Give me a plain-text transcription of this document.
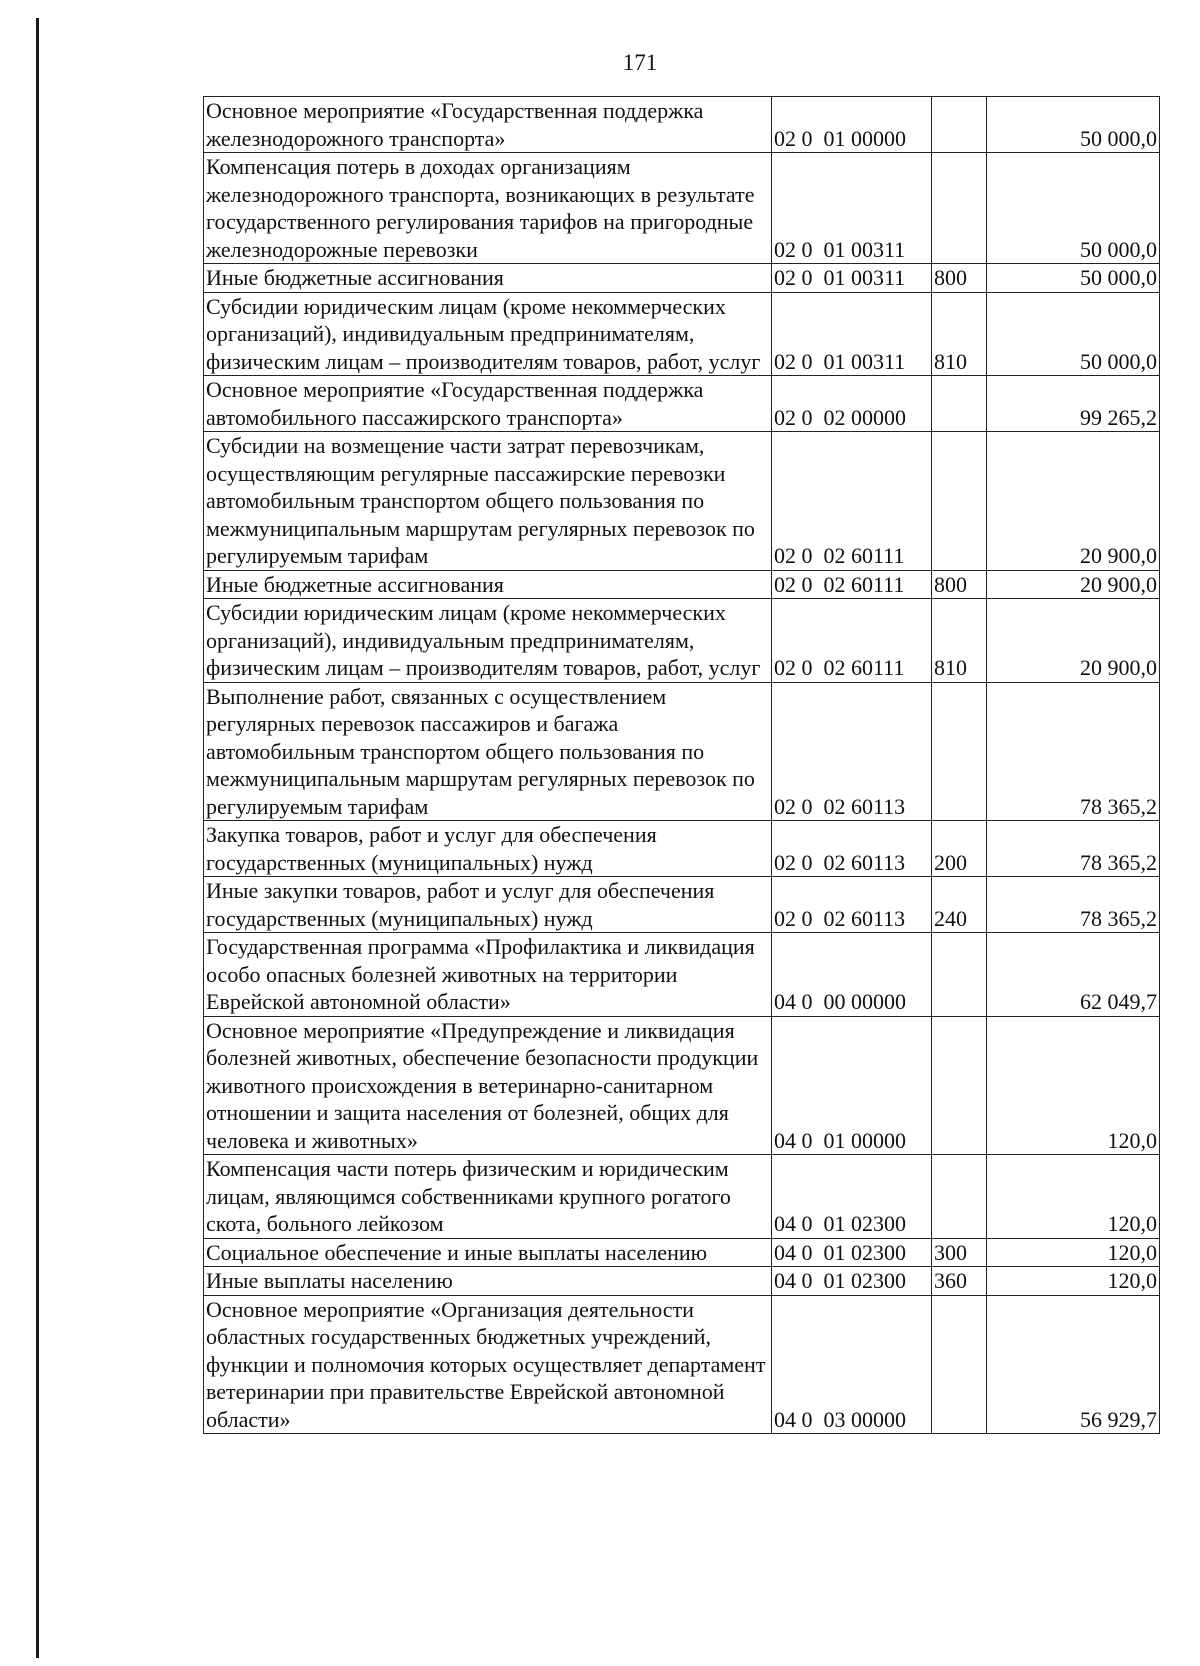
171
Основное мероприятие «Государственная поддержка железнодорожного транспорта»	02 0  01 00000		50 000,0
Компенсация потерь в доходах организациям железнодорожного транспорта, возникающих в результате государственного регулирования тарифов на пригородные железнодорожные перевозки	02 0  01 00311		50 000,0
Иные бюджетные ассигнования	02 0  01 00311	800	50 000,0
Субсидии юридическим лицам (кроме некоммерческих организаций), индивидуальным предпринимателям, физическим лицам – производителям товаров, работ, услуг	02 0  01 00311	810	50 000,0
Основное мероприятие «Государственная поддержка автомобильного пассажирского транспорта»	02 0  02 00000		99 265,2
Субсидии на возмещение части затрат перевозчикам, осуществляющим регулярные пассажирские перевозки автомобильным транспортом общего пользования по межмуниципальным маршрутам регулярных перевозок по регулируемым тарифам	02 0  02 60111		20 900,0
Иные бюджетные ассигнования	02 0  02 60111	800	20 900,0
Субсидии юридическим лицам (кроме некоммерческих организаций), индивидуальным предпринимателям, физическим лицам – производителям товаров, работ, услуг	02 0  02 60111	810	20 900,0
Выполнение работ, связанных с осуществлением регулярных перевозок пассажиров и багажа автомобильным транспортом общего пользования по межмуниципальным маршрутам регулярных перевозок по регулируемым тарифам	02 0  02 60113		78 365,2
Закупка товаров, работ и услуг для обеспечения государственных (муниципальных) нужд	02 0  02 60113	200	78 365,2
Иные закупки товаров, работ и услуг для обеспечения государственных (муниципальных) нужд	02 0  02 60113	240	78 365,2
Государственная программа «Профилактика и ликвидация особо опасных болезней животных на территории Еврейской автономной области»	04 0  00 00000		62 049,7
Основное мероприятие «Предупреждение и ликвидация болезней животных, обеспечение безопасности продукции животного происхождения в ветеринарно-санитарном отношении и защита населения от болезней, общих для человека и животных»	04 0  01 00000		120,0
Компенсация части потерь физическим и юридическим лицам, являющимся собственниками крупного рогатого скота, больного лейкозом	04 0  01 02300		120,0
Социальное обеспечение и иные выплаты населению	04 0  01 02300	300	120,0
Иные выплаты населению	04 0  01 02300	360	120,0
Основное мероприятие «Организация деятельности областных государственных бюджетных учреждений, функции и полномочия которых осуществляет департамент ветеринарии при правительстве Еврейской автономной области»	04 0  03 00000		56 929,7
